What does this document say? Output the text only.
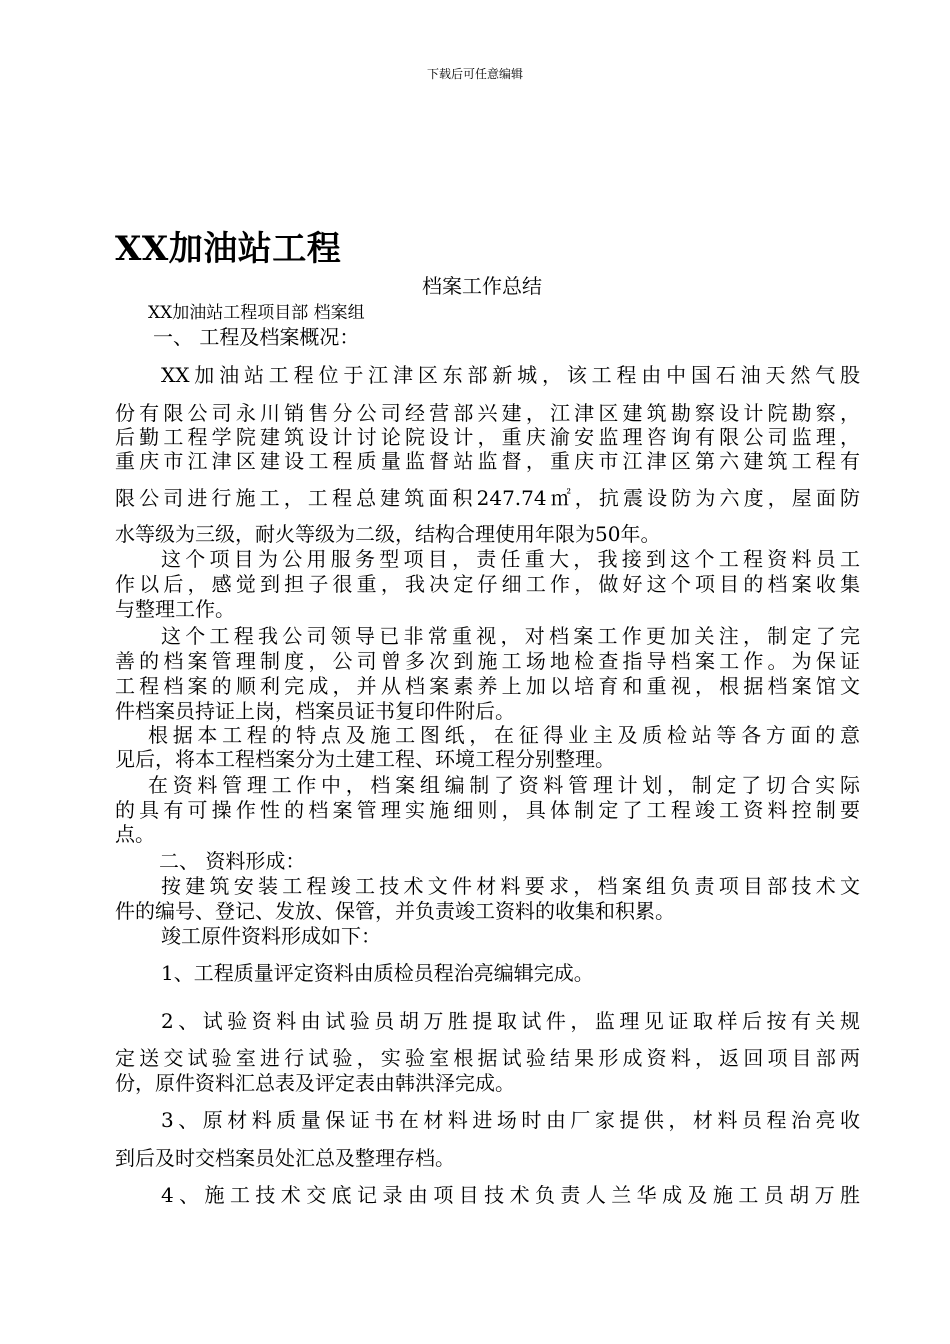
下载后可任意编辑
XX加油站工程
档案工作总结
XX加油站工程项目部 档案组
一、 工程及档案概况：
XX加油站工程位于江津区东部新城，该工程由中国石油天然气股
份有限公司永川销售分公司经营部兴建，江津区建筑勘察设计院勘察，
后勤工程学院建筑设计讨论院设计，重庆渝安监理咨询有限公司监理，
重庆市江津区建设工程质量监督站监督，重庆市江津区第六建筑工程有
限公司进行施工，工程总建筑面积247.74㎡，抗震设防为六度，屋面防
水等级为三级，耐火等级为二级，结构合理使用年限为50年。
这个项目为公用服务型项目，责任重大，我接到这个工程资料员工
作以后，感觉到担子很重，我决定仔细工作，做好这个项目的档案收集
与整理工作。
这个工程我公司领导已非常重视，对档案工作更加关注，制定了完
善的档案管理制度，公司曾多次到施工场地检查指导档案工作。为保证
工程档案的顺利完成，并从档案素养上加以培育和重视，根据档案馆文
件档案员持证上岗，档案员证书复印件附后。
根据本工程的特点及施工图纸，在征得业主及质检站等各方面的意
见后，将本工程档案分为土建工程、环境工程分别整理。
在资料管理工作中，档案组编制了资料管理计划，制定了切合实际
的具有可操作性的档案管理实施细则，具体制定了工程竣工资料控制要
点。
二、 资料形成：
按建筑安装工程竣工技术文件材料要求，档案组负责项目部技术文
件的编号、登记、发放、保管，并负责竣工资料的收集和积累。
竣工原件资料形成如下：
1、工程质量评定资料由质检员程治亮编辑完成。
2、试验资料由试验员胡万胜提取试件，监理见证取样后按有关规
定送交试验室进行试验，实验室根据试验结果形成资料，返回项目部两
份，原件资料汇总表及评定表由韩洪泽完成。
3、原材料质量保证书在材料进场时由厂家提供，材料员程治亮收
到后及时交档案员处汇总及整理存档。
4、施工技术交底记录由项目技术负责人兰华成及施工员胡万胜
